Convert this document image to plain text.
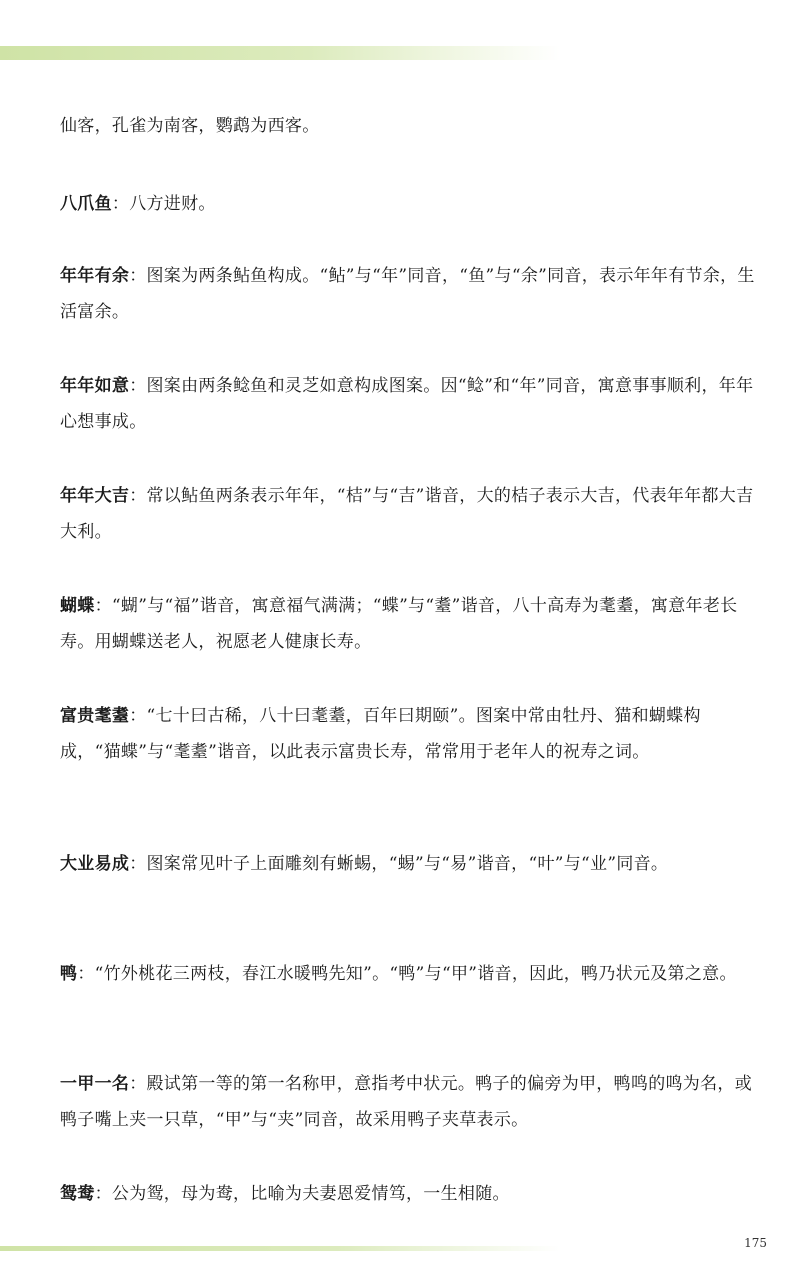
仙客，孔雀为南客，鹦鹉为西客。

八爪鱼：八方进财。

年年有余：图案为两条鲇鱼构成。“鲇”与“年”同音，“鱼”与“余”同音，表示年年有节余，生活富余。

年年如意：图案由两条鲶鱼和灵芝如意构成图案。因“鲶”和“年”同音，寓意事事顺利，年年心想事成。

年年大吉：常以鲇鱼两条表示年年，“桔”与“吉”谐音，大的桔子表示大吉，代表年年都大吉大利。

蝴蝶：“蝴”与“福”谐音，寓意福气满满；“蝶”与“耋”谐音，八十高寿为耄耋，寓意年老长寿。用蝴蝶送老人，祝愿老人健康长寿。

富贵耄耋：“七十曰古稀，八十曰耄耋，百年曰期颐”。图案中常由牡丹、猫和蝴蝶构成，“猫蝶”与“耄耋”谐音，以此表示富贵长寿，常常用于老年人的祝寿之词。

大业易成：图案常见叶子上面雕刻有蜥蜴，“蜴”与“易”谐音，“叶”与“业”同音。

鸭：“竹外桃花三两枝，春江水暖鸭先知”。“鸭”与“甲”谐音，因此，鸭乃状元及第之意。

一甲一名：殿试第一等的第一名称甲，意指考中状元。鸭子的偏旁为甲，鸭鸣的鸣为名，或鸭子嘴上夹一只草，“甲”与“夹”同音，故采用鸭子夹草表示。

鸳鸯：公为鸳，母为鸯，比喻为夫妻恩爱情笃，一生相随。

175
